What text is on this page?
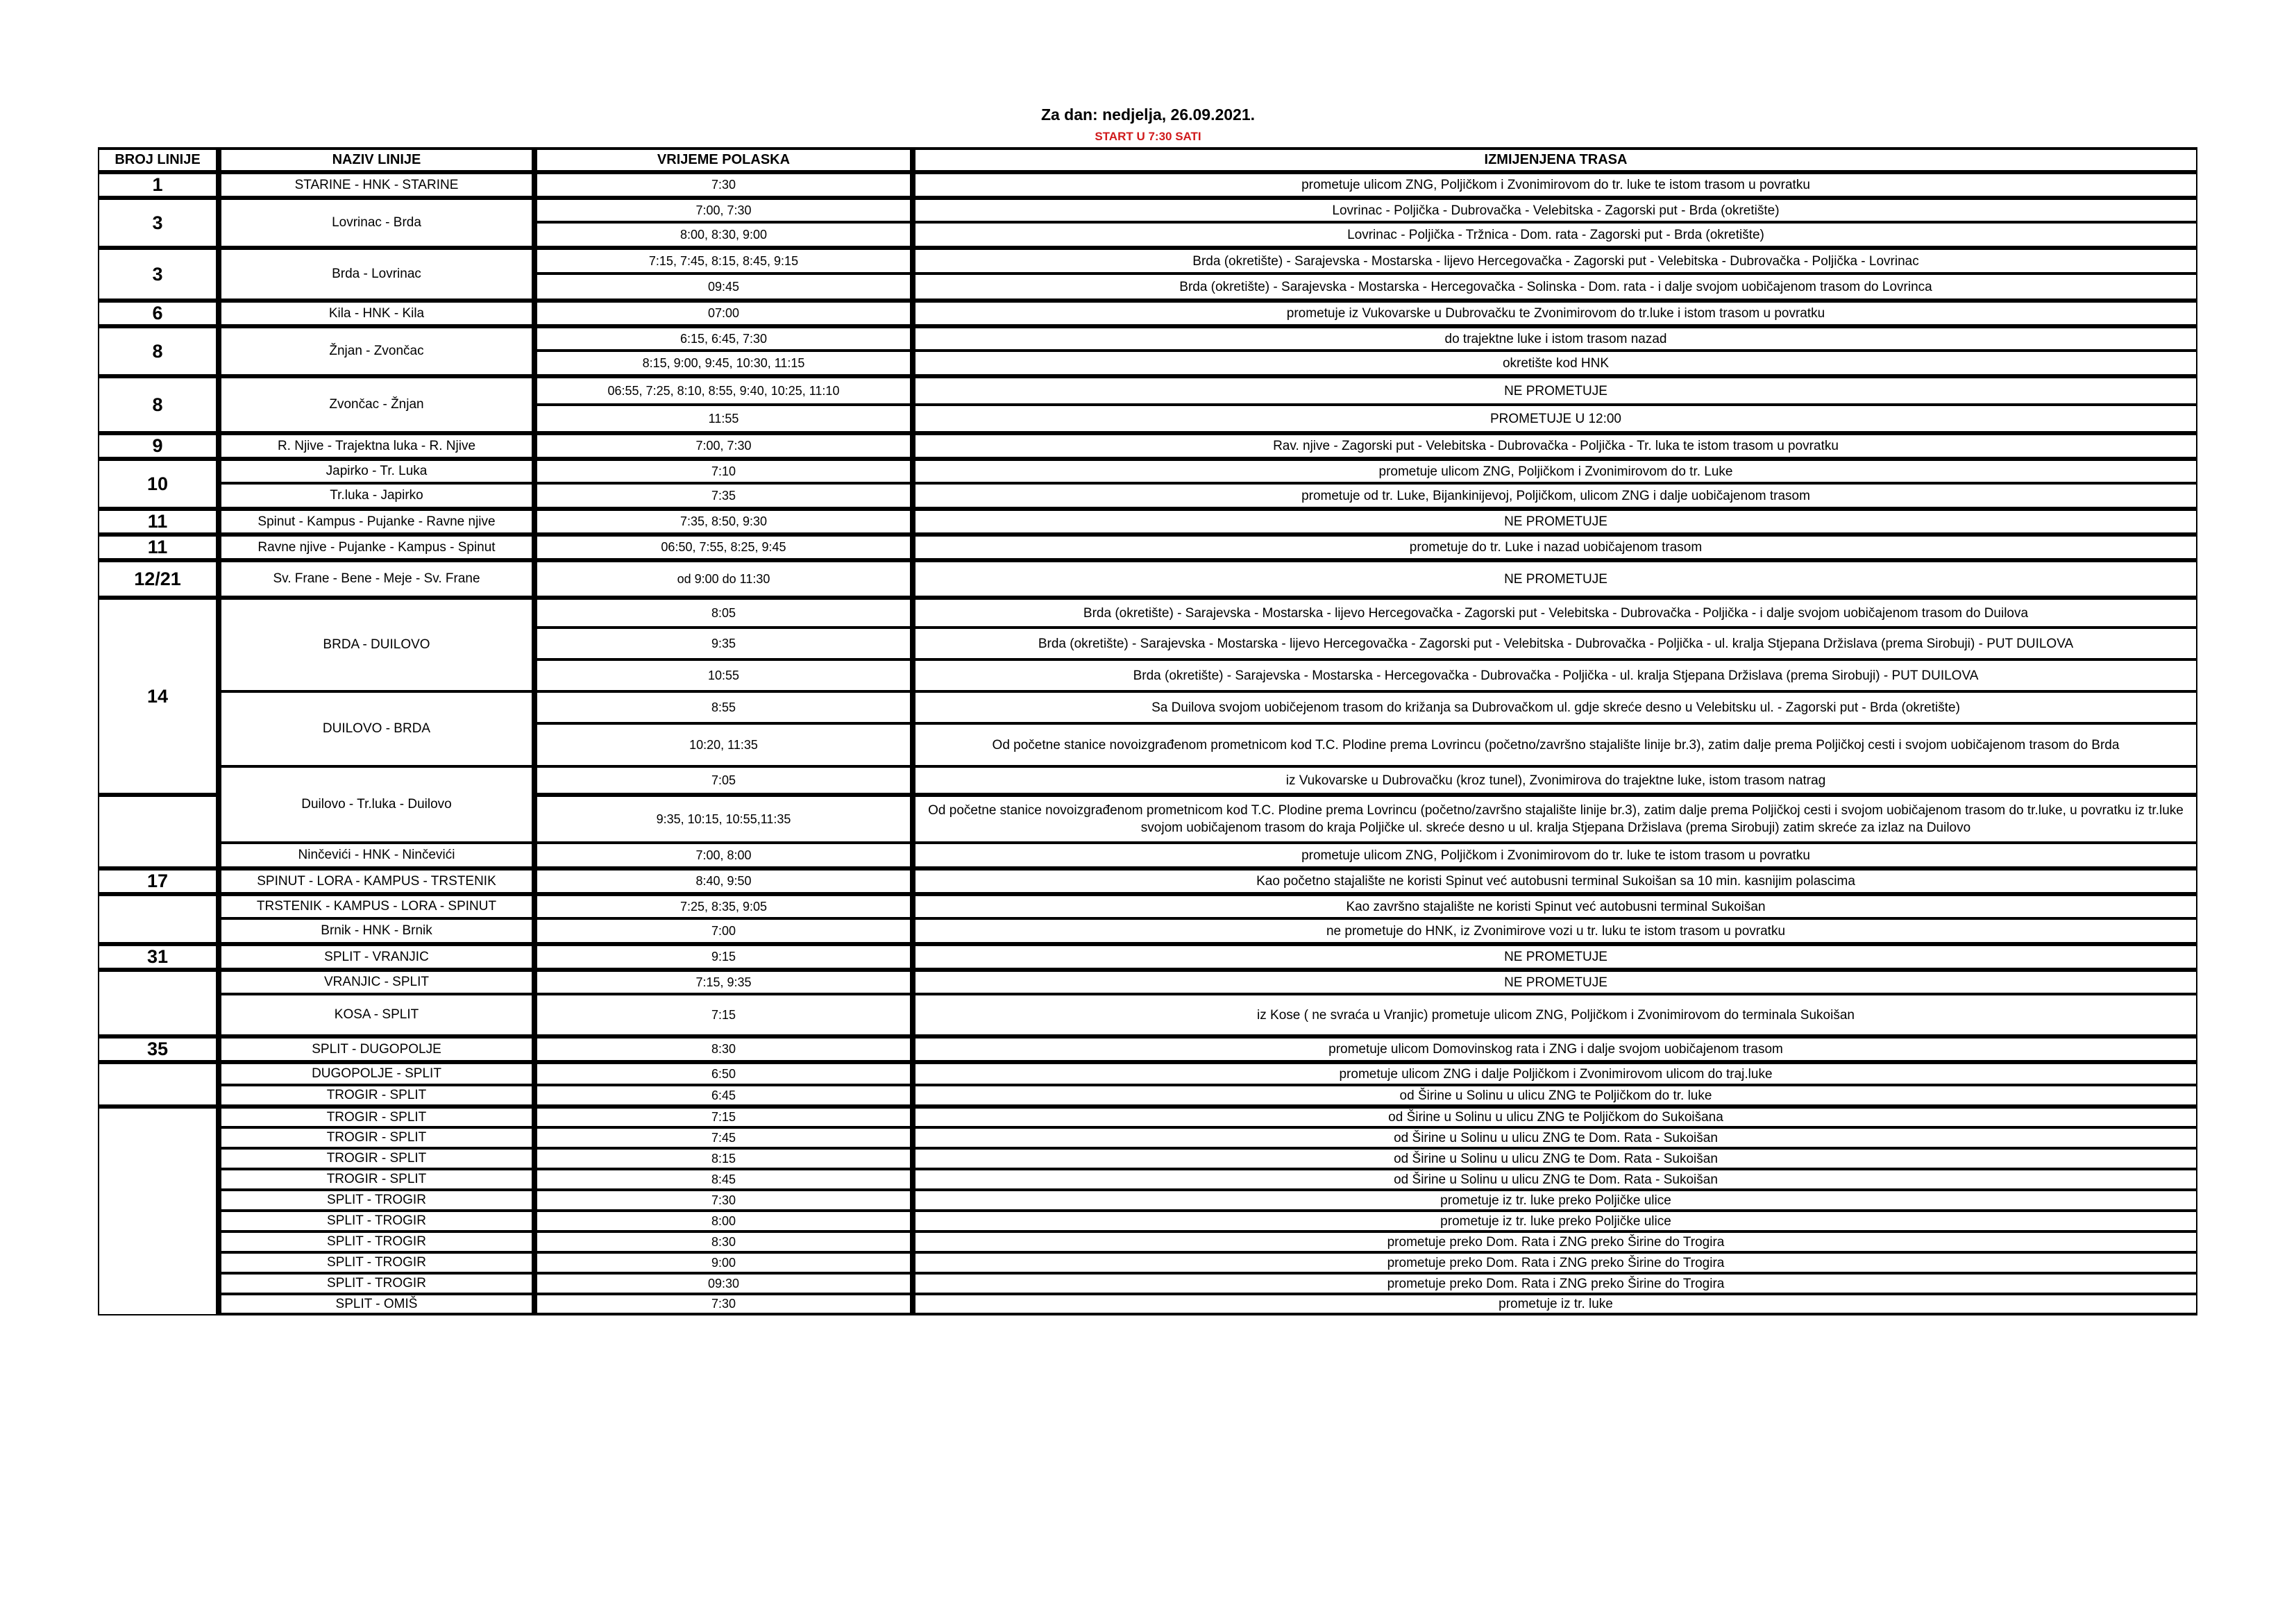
Za dan: nedjelja, 26.09.2021.
START U 7:30 SATI
BROJ LINIJE	NAZIV LINIJE	VRIJEME POLASKA	IZMIJENJENA TRASA
1	STARINE - HNK - STARINE	7:30	prometuje ulicom ZNG, Poljičkom i Zvonimirovom do tr. luke te istom trasom u povratku
3	Lovrinac - Brda	7:00, 7:30	Lovrinac - Poljička - Dubrovačka - Velebitska - Zagorski put - Brda (okretište)
		8:00, 8:30, 9:00	Lovrinac - Poljička - Tržnica - Dom. rata - Zagorski put - Brda (okretište)
3	Brda - Lovrinac	7:15, 7:45, 8:15, 8:45, 9:15	Brda (okretište) - Sarajevska - Mostarska - lijevo Hercegovačka - Zagorski put - Velebitska - Dubrovačka - Poljička - Lovrinac
		09:45	Brda (okretište) - Sarajevska - Mostarska - Hercegovačka - Solinska - Dom. rata - i dalje svojom uobičajenom trasom do Lovrinca
6	Kila - HNK - Kila	07:00	prometuje iz Vukovarske u Dubrovačku te Zvonimirovom do tr.luke i istom trasom u povratku
8	Žnjan - Zvončac	6:15, 6:45, 7:30	do trajektne luke i istom trasom nazad
		8:15, 9:00, 9:45, 10:30, 11:15	okretište kod HNK
8	Zvončac - Žnjan	06:55, 7:25, 8:10, 8:55, 9:40, 10:25, 11:10	NE PROMETUJE
		11:55	PROMETUJE U 12:00
9	R. Njive - Trajektna luka - R. Njive	7:00, 7:30	Rav. njive - Zagorski put - Velebitska - Dubrovačka - Poljička - Tr. luka te istom trasom u povratku
10	Japirko - Tr. Luka	7:10	prometuje ulicom ZNG, Poljičkom i Zvonimirovom do tr. Luke
	Tr.luka - Japirko	7:35	prometuje od tr. Luke, Bijankinijevoj, Poljičkom, ulicom ZNG i dalje uobičajenom trasom
11	Spinut - Kampus - Pujanke - Ravne njive	7:35, 8:50, 9:30	NE PROMETUJE
11	Ravne njive - Pujanke - Kampus - Spinut	06:50, 7:55, 8:25, 9:45	prometuje do tr. Luke i nazad uobičajenom trasom
12/21	Sv. Frane - Bene - Meje - Sv. Frane	od 9:00 do 11:30	NE PROMETUJE
14	BRDA - DUILOVO	8:05	Brda (okretište) - Sarajevska - Mostarska - lijevo Hercegovačka - Zagorski put - Velebitska - Dubrovačka - Poljička - i dalje svojom uobičajenom trasom do Duilova
		9:35	Brda (okretište) - Sarajevska - Mostarska - lijevo Hercegovačka - Zagorski put - Velebitska - Dubrovačka - Poljička - ul. kralja Stjepana Držislava (prema Sirobuji) - PUT DUILOVA
		10:55	Brda (okretište) - Sarajevska - Mostarska - Hercegovačka - Dubrovačka - Poljička - ul. kralja Stjepana Držislava (prema Sirobuji) - PUT DUILOVA
	DUILOVO - BRDA	8:55	Sa Duilova svojom uobičejenom trasom do križanja sa Dubrovačkom ul. gdje skreće desno u Velebitsku ul. - Zagorski put - Brda (okretište)
		10:20, 11:35	Od početne stanice novoizgrađenom prometnicom kod T.C. Plodine prema Lovrincu (početno/završno stajalište linije br.3), zatim dalje prema Poljičkoj cesti i svojom uobičajenom trasom do Brda
	Duilovo - Tr.luka - Duilovo	7:05	iz Vukovarske u Dubrovačku (kroz tunel), Zvonimirova do trajektne luke, istom trasom natrag
		9:35, 10:15, 10:55,11:35	Od početne stanice novoizgrađenom prometnicom kod T.C. Plodine prema Lovrincu (početno/završno stajalište linije br.3), zatim dalje prema Poljičkoj cesti i svojom uobičajenom trasom do tr.luke, u povratku iz tr.luke svojom uobičajenom trasom do kraja Poljičke ul. skreće desno u ul. kralja Stjepana Držislava (prema Sirobuji) zatim skreće za izlaz na Duilovo
	Ninčevići - HNK - Ninčevići	7:00, 8:00	prometuje ulicom ZNG, Poljičkom i Zvonimirovom do tr. luke te istom trasom u povratku
17	SPINUT - LORA - KAMPUS - TRSTENIK	8:40, 9:50	Kao početno stajalište ne koristi Spinut već autobusni terminal Sukoišan sa 10 min. kasnijim polascima
	TRSTENIK - KAMPUS - LORA - SPINUT	7:25, 8:35, 9:05	Kao završno stajalište ne koristi Spinut već autobusni terminal Sukoišan
	Brnik - HNK - Brnik	7:00	ne prometuje do HNK, iz Zvonimirove vozi u tr. luku te istom trasom u povratku
31	SPLIT - VRANJIC	9:15	NE PROMETUJE
	VRANJIC - SPLIT	7:15, 9:35	NE PROMETUJE
	KOSA - SPLIT	7:15	iz Kose ( ne svraća u Vranjic) prometuje ulicom ZNG, Poljičkom i Zvonimirovom do terminala Sukoišan
35	SPLIT - DUGOPOLJE	8:30	prometuje ulicom Domovinskog rata i ZNG i dalje svojom uobičajenom trasom
	DUGOPOLJE - SPLIT	6:50	prometuje ulicom ZNG i dalje Poljičkom i Zvonimirovom ulicom do traj.luke
	TROGIR - SPLIT	6:45	od Širine u Solinu u ulicu ZNG te Poljičkom do tr. luke
	TROGIR - SPLIT	7:15	od Širine u Solinu u ulicu ZNG te Poljičkom do Sukoišana
	TROGIR - SPLIT	7:45	od Širine u Solinu u ulicu ZNG te Dom. Rata - Sukoišan
	TROGIR - SPLIT	8:15	od Širine u Solinu u ulicu ZNG te Dom. Rata - Sukoišan
	TROGIR - SPLIT	8:45	od Širine u Solinu u ulicu ZNG te Dom. Rata - Sukoišan
	SPLIT - TROGIR	7:30	prometuje iz tr. luke preko Poljičke ulice
	SPLIT - TROGIR	8:00	prometuje iz tr. luke preko Poljičke ulice
	SPLIT - TROGIR	8:30	prometuje preko Dom. Rata i ZNG preko Širine do Trogira
	SPLIT - TROGIR	9:00	prometuje preko Dom. Rata i ZNG preko Širine do Trogira
	SPLIT - TROGIR	09:30	prometuje preko Dom. Rata i ZNG preko Širine do Trogira
	SPLIT - OMIŠ	7:30	prometuje iz tr. luke
